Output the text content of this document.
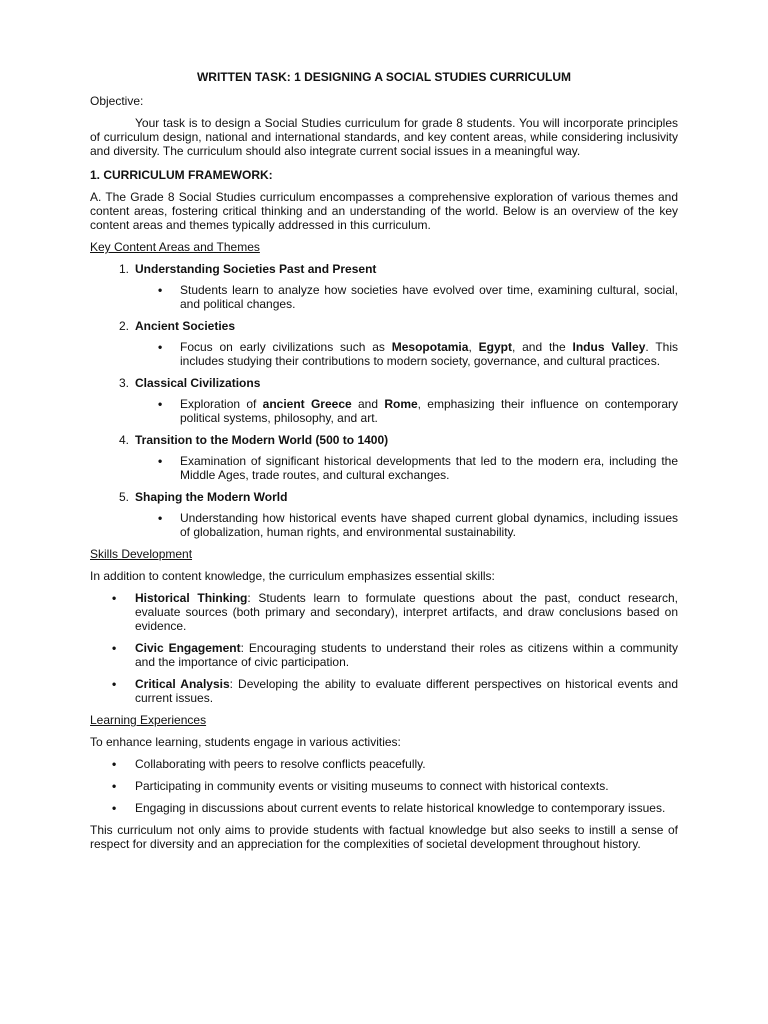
WRITTEN TASK: 1 DESIGNING A SOCIAL STUDIES CURRICULUM

Objective:

Your task is to design a Social Studies curriculum for grade 8 students. You will incorporate principles of curriculum design, national and international standards, and key content areas, while considering inclusivity and diversity. The curriculum should also integrate current social issues in a meaningful way.

1. CURRICULUM FRAMEWORK:

A. The Grade 8 Social Studies curriculum encompasses a comprehensive exploration of various themes and content areas, fostering critical thinking and an understanding of the world. Below is an overview of the key content areas and themes typically addressed in this curriculum.

Key Content Areas and Themes

1. Understanding Societies Past and Present
•	Students learn to analyze how societies have evolved over time, examining cultural, social, and political changes.
2. Ancient Societies
•	Focus on early civilizations such as Mesopotamia, Egypt, and the Indus Valley. This includes studying their contributions to modern society, governance, and cultural practices.
3. Classical Civilizations
•	Exploration of ancient Greece and Rome, emphasizing their influence on contemporary political systems, philosophy, and art.
4. Transition to the Modern World (500 to 1400)
•	Examination of significant historical developments that led to the modern era, including the Middle Ages, trade routes, and cultural exchanges.
5. Shaping the Modern World
•	Understanding how historical events have shaped current global dynamics, including issues of globalization, human rights, and environmental sustainability.

Skills Development

In addition to content knowledge, the curriculum emphasizes essential skills:

•	Historical Thinking: Students learn to formulate questions about the past, conduct research, evaluate sources (both primary and secondary), interpret artifacts, and draw conclusions based on evidence.
•	Civic Engagement: Encouraging students to understand their roles as citizens within a community and the importance of civic participation.
•	Critical Analysis: Developing the ability to evaluate different perspectives on historical events and current issues.

Learning Experiences

To enhance learning, students engage in various activities:

•	Collaborating with peers to resolve conflicts peacefully.
•	Participating in community events or visiting museums to connect with historical contexts.
•	Engaging in discussions about current events to relate historical knowledge to contemporary issues.

This curriculum not only aims to provide students with factual knowledge but also seeks to instill a sense of respect for diversity and an appreciation for the complexities of societal development throughout history.
